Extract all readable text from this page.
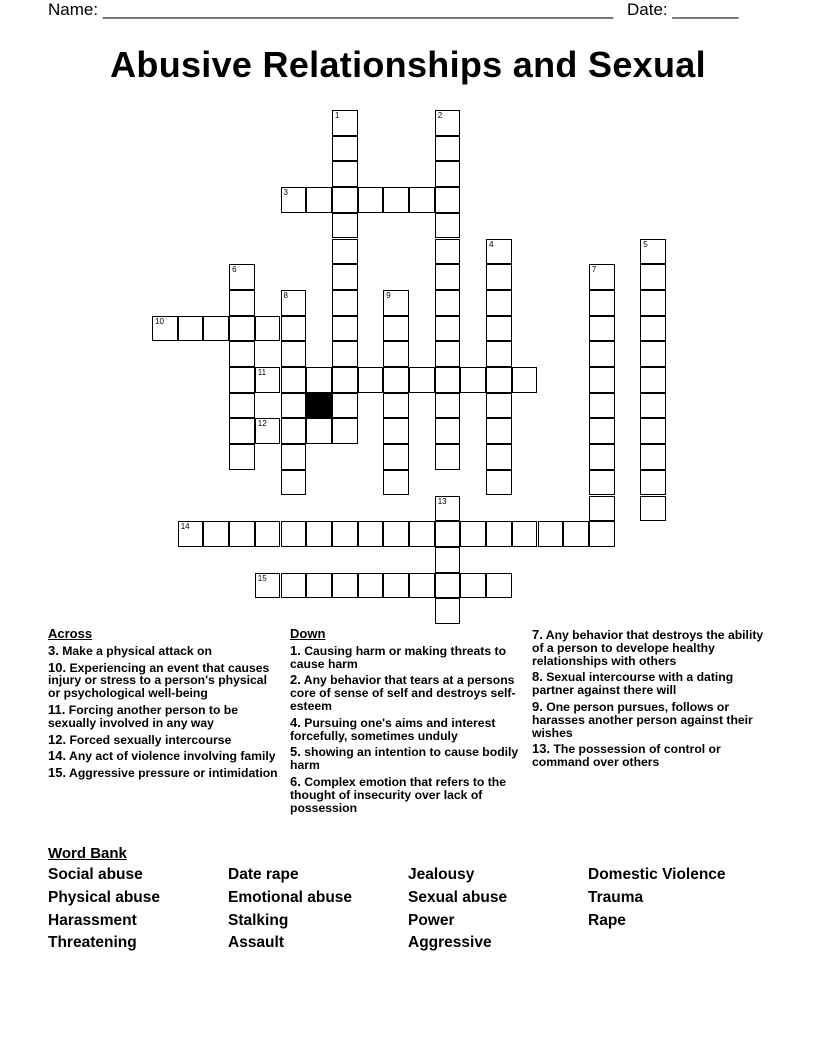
Name: ______________________________________________________ Date: _______
Abusive Relationships and Sexual
1	2
3
4	5
6	7
8	9
10
11
12
13
14
15
Across
3. Make a physical attack on
10. Experiencing an event that causes injury or stress to a person's physical or psychological well-being
11. Forcing another person to be sexually involved in any way
12. Forced sexually intercourse
14. Any act of violence involving family
15. Aggressive pressure or intimidation
Down
1. Causing harm or making threats to cause harm
2. Any behavior that tears at a persons core of sense of self and destroys self-esteem
4. Pursuing one's aims and interest forcefully, sometimes unduly
5. showing an intention to cause bodily harm
6. Complex emotion that refers to the thought of insecurity over lack of possession
7. Any behavior that destroys the ability of a person to develope healthy relationships with others
8. Sexual intercourse with a dating partner against there will
9. One person pursues, follows or harasses another person against their wishes
13. The possession of control or command over others
Word Bank
Social abuse	Date rape	Jealousy	Domestic Violence
Physical abuse	Emotional abuse	Sexual abuse	Trauma
Harassment	Stalking	Power	Rape
Threatening	Assault	Aggressive
